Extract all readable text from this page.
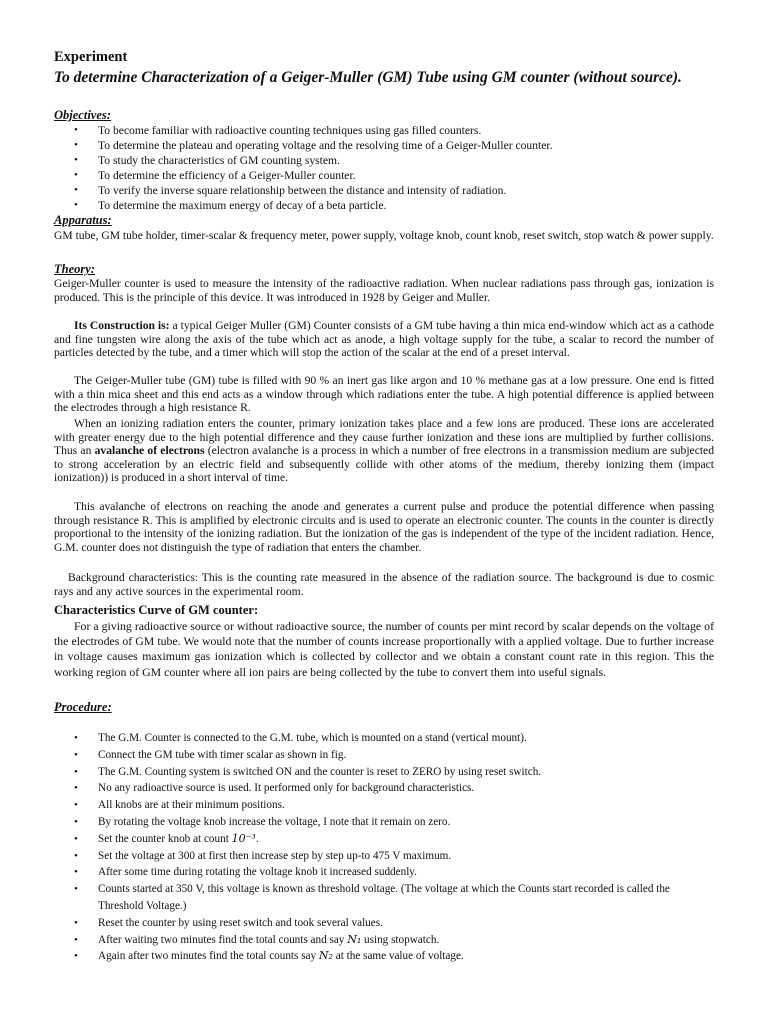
Experiment

To determine Characterization of a Geiger-Muller (GM) Tube using GM counter (without source).

Objectives:

• To become familiar with radioactive counting techniques using gas filled counters.
• To determine the plateau and operating voltage and the resolving time of a Geiger-Muller counter.
• To study the characteristics of GM counting system.
• To determine the efficiency of a Geiger-Muller counter.
• To verify the inverse square relationship between the distance and intensity of radiation.
• To determine the maximum energy of decay of a beta particle.

Apparatus:

GM tube, GM tube holder, timer-scalar & frequency meter, power supply, voltage knob, count knob, reset switch, stop watch & power supply.

Theory:

Geiger-Muller counter is used to measure the intensity of the radioactive radiation. When nuclear radiations pass through gas, ionization is produced. This is the principle of this device. It was introduced in 1928 by Geiger and Muller.

Its Construction is: a typical Geiger Muller (GM) Counter consists of a GM tube having a thin mica end-window which act as a cathode and fine tungsten wire along the axis of the tube which act as anode, a high voltage supply for the tube, a scalar to record the number of particles detected by the tube, and a timer which will stop the action of the scalar at the end of a preset interval.

The Geiger-Muller tube (GM) tube is filled with 90 % an inert gas like argon and 10 % methane gas at a low pressure. One end is fitted with a thin mica sheet and this end acts as a window through which radiations enter the tube. A high potential difference is applied between the electrodes through a high resistance R.

When an ionizing radiation enters the counter, primary ionization takes place and a few ions are produced. These ions are accelerated with greater energy due to the high potential difference and they cause further ionization and these ions are multiplied by further collisions. Thus an avalanche of electrons (electron avalanche is a process in which a number of free electrons in a transmission medium are subjected to strong acceleration by an electric field and subsequently collide with other atoms of the medium, thereby ionizing them (impact ionization)) is produced in a short interval of time.

This avalanche of electrons on reaching the anode and generates a current pulse and produce the potential difference when passing through resistance R. This is amplified by electronic circuits and is used to operate an electronic counter. The counts in the counter is directly proportional to the intensity of the ionizing radiation. But the ionization of the gas is independent of the type of the incident radiation. Hence, G.M. counter does not distinguish the type of radiation that enters the chamber.

Background characteristics: This is the counting rate measured in the absence of the radiation source. The background is due to cosmic rays and any active sources in the experimental room.

Characteristics Curve of GM counter:

For a giving radioactive source or without radioactive source, the number of counts per mint record by scalar depends on the voltage of the electrodes of GM tube. We would note that the number of counts increase proportionally with a applied voltage. Due to further increase in voltage causes maximum gas ionization which is collected by collector and we obtain a constant count rate in this region. This the working region of GM counter where all ion pairs are being collected by the tube to convert them into useful signals.

Procedure:

• The G.M. Counter is connected to the G.M. tube, which is mounted on a stand (vertical mount).
• Connect the GM tube with timer scalar as shown in fig.
• The G.M. Counting system is switched ON and the counter is reset to ZERO by using reset switch.
• No any radioactive source is used. It performed only for background characteristics.
• All knobs are at their minimum positions.
• By rotating the voltage knob increase the voltage, I note that it remain on zero.
• Set the counter knob at count 10⁻³.
• Set the voltage at 300 at first then increase step by step up-to 475 V maximum.
• After some time during rotating the voltage knob it increased suddenly.
• Counts started at 350 V, this voltage is known as threshold voltage. (The voltage at which the Counts start recorded is called the Threshold Voltage.)
• Reset the counter by using reset switch and took several values.
• After waiting two minutes find the total counts and say N₁ using stopwatch.
• Again after two minutes find the total counts say N₂ at the same value of voltage.
